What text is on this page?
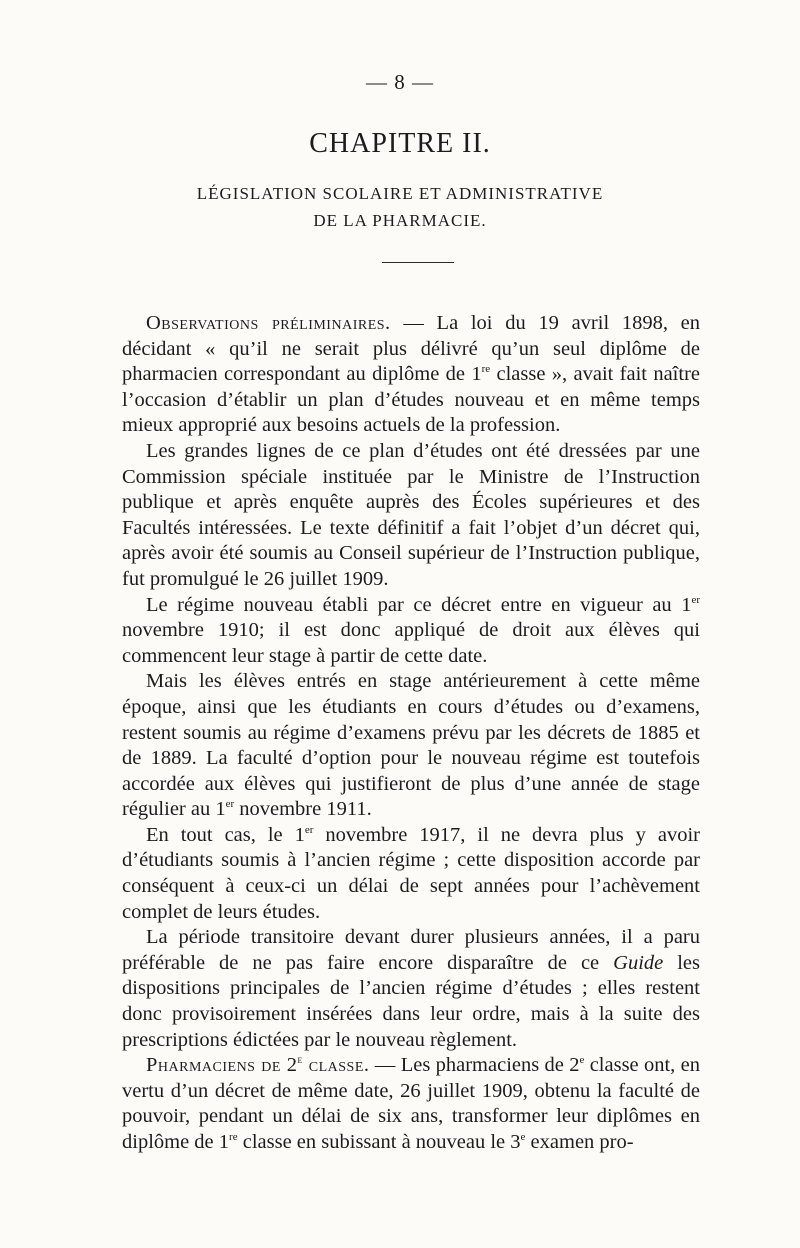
— 8 —
CHAPITRE II.
LÉGISLATION SCOLAIRE ET ADMINISTRATIVE
DE LA PHARMACIE.

Observations préliminaires. — La loi du 19 avril 1898, en décidant « qu’il ne serait plus délivré qu’un seul diplôme de pharmacien correspondant au diplôme de 1re classe », avait fait naître l’occasion d’établir un plan d’études nouveau et en même temps mieux approprié aux besoins actuels de la profession.

Les grandes lignes de ce plan d’études ont été dressées par une Commission spéciale instituée par le Ministre de l’Instruction publique et après enquête auprès des Écoles supérieures et des Facultés intéressées. Le texte définitif a fait l’objet d’un décret qui, après avoir été soumis au Conseil supérieur de l’Instruction publique, fut promulgué le 26 juillet 1909.

Le régime nouveau établi par ce décret entre en vigueur au 1er novembre 1910; il est donc appliqué de droit aux élèves qui commencent leur stage à partir de cette date.

Mais les élèves entrés en stage antérieurement à cette même époque, ainsi que les étudiants en cours d’études ou d’examens, restent soumis au régime d’examens prévu par les décrets de 1885 et de 1889. La faculté d’option pour le nouveau régime est toutefois accordée aux élèves qui justifieront de plus d’une année de stage régulier au 1er novembre 1911.

En tout cas, le 1er novembre 1917, il ne devra plus y avoir d’étudiants soumis à l’ancien régime ; cette disposition accorde par conséquent à ceux-ci un délai de sept années pour l’achèvement complet de leurs études.

La période transitoire devant durer plusieurs années, il a paru préférable de ne pas faire encore disparaître de ce Guide les dispositions principales de l’ancien régime d’études ; elles restent donc provisoirement insérées dans leur ordre, mais à la suite des prescriptions édictées par le nouveau règlement.

Pharmaciens de 2e classe. — Les pharmaciens de 2e classe ont, en vertu d’un décret de même date, 26 juillet 1909, obtenu la faculté de pouvoir, pendant un délai de six ans, transformer leur diplômes en diplôme de 1re classe en subissant à nouveau le 3e examen pro-
